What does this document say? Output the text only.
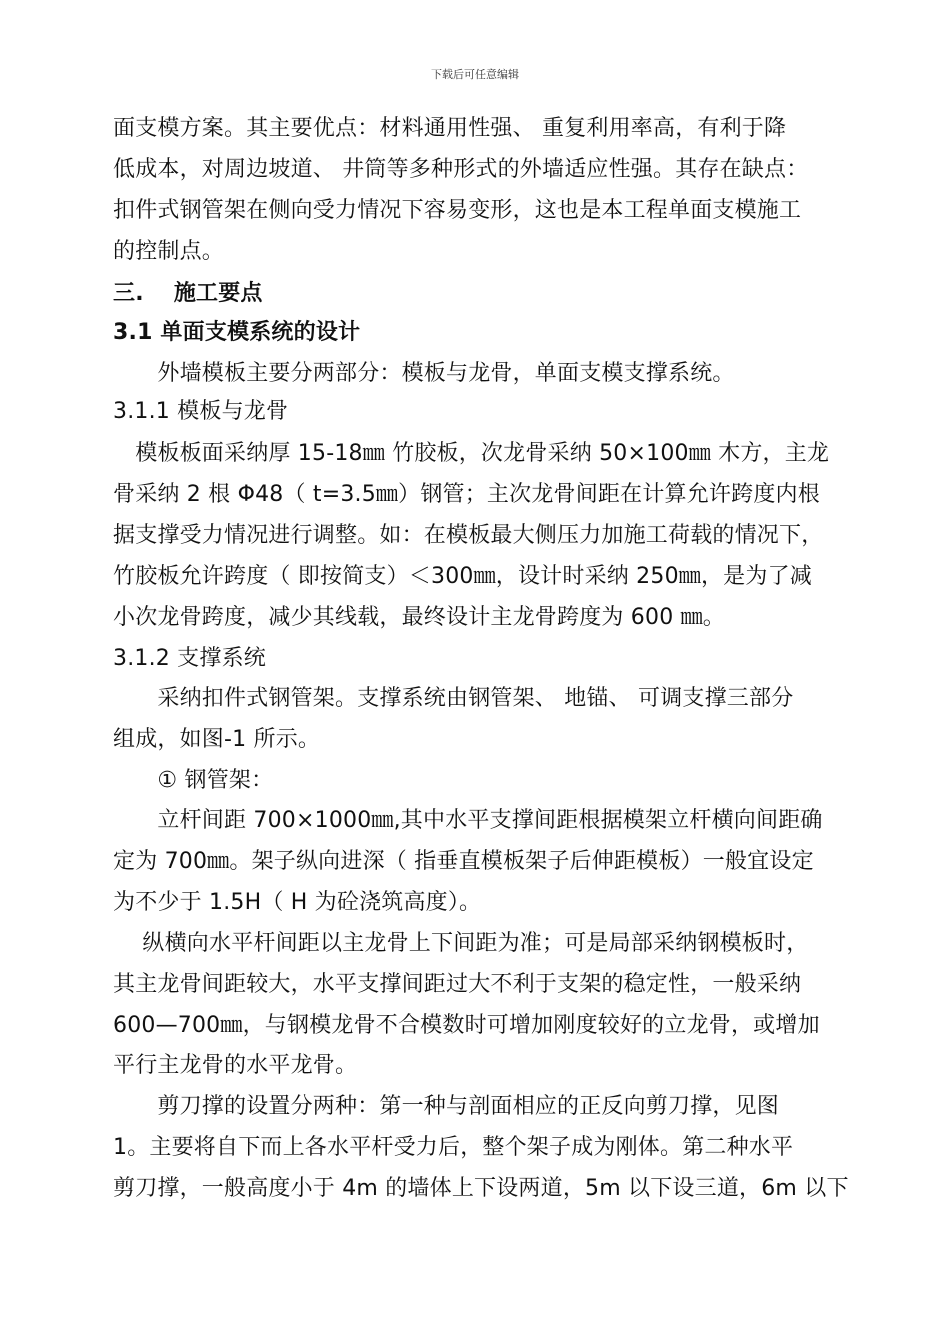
下载后可任意编辑
面支模方案。其主要优点：材料通用性强、 重复利用率高，有利于降
低成本，对周边坡道、 井筒等多种形式的外墙适应性强。其存在缺点：
扣件式钢管架在侧向受力情况下容易变形，这也是本工程单面支模施工
的控制点。
三.　 施工要点
3.1 单面支模系统的设计
　　外墙模板主要分两部分：模板与龙骨，单面支模支撑系统。
3.1.1 模板与龙骨
　模板板面采纳厚 15-18㎜ 竹胶板，次龙骨采纳 50×100㎜ 木方，主龙
骨采纳 2 根 Φ48（ t=3.5㎜）钢管；主次龙骨间距在计算允许跨度内根
据支撑受力情况进行调整。如：在模板最大侧压力加施工荷载的情况下，
竹胶板允许跨度（ 即按简支）＜300㎜，设计时采纳 250㎜，是为了减
小次龙骨跨度，减少其线载，最终设计主龙骨跨度为 600 ㎜。
3.1.2 支撑系统
　　采纳扣件式钢管架。支撑系统由钢管架、 地锚、 可调支撑三部分
组成，如图-1 所示。
　　① 钢管架：
　　立杆间距 700×1000㎜,其中水平支撑间距根据模架立杆横向间距确
定为 700㎜。架子纵向进深（ 指垂直模板架子后伸距模板）一般宜设定
为不少于 1.5H（ H 为砼浇筑高度）。
　 纵横向水平杆间距以主龙骨上下间距为准；可是局部采纳钢模板时，
其主龙骨间距较大，水平支撑间距过大不利于支架的稳定性，一般采纳
600—700㎜，与钢模龙骨不合模数时可增加刚度较好的立龙骨，或增加
平行主龙骨的水平龙骨。
　　剪刀撑的设置分两种：第一种与剖面相应的正反向剪刀撑，见图
1。主要将自下而上各水平杆受力后，整个架子成为刚体。第二种水平
剪刀撑，一般高度小于 4m 的墙体上下设两道，5m 以下设三道，6m 以下
